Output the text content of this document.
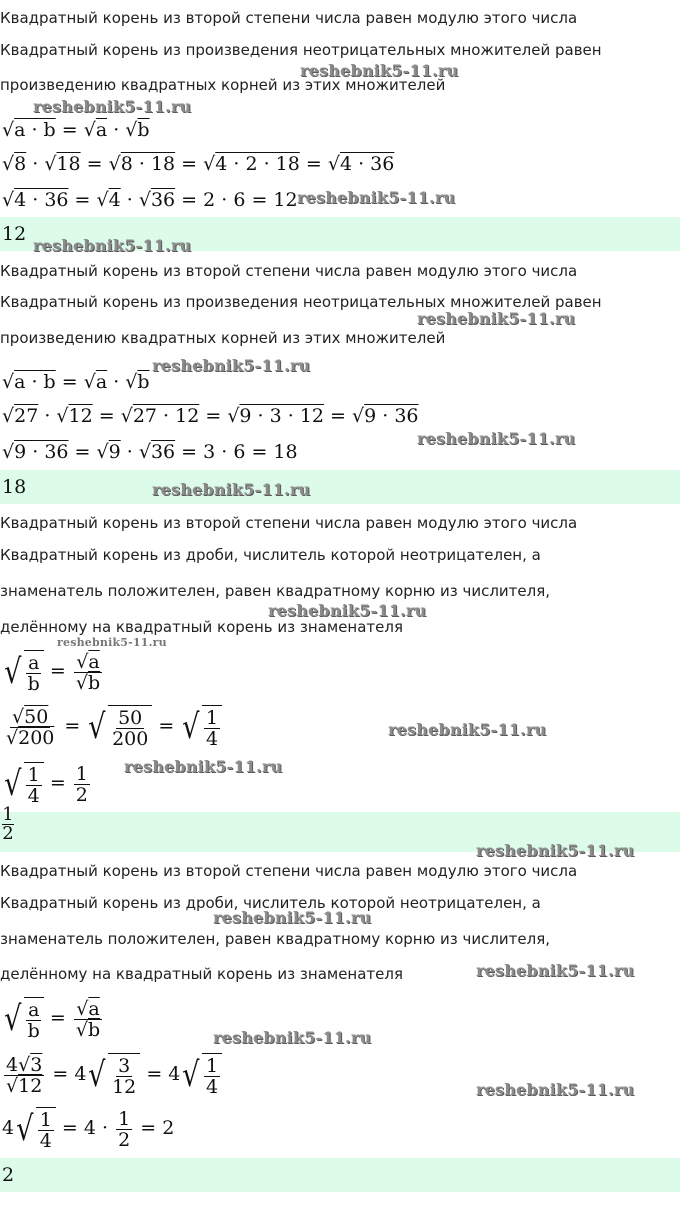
Квадратный корень из второй степени числа равен модулю этого числа
Квадратный корень из произведения неотрицательных множителей равен
произведению квадратных корней из этих множителей
√a · b = √a · √b
√8 · √18 = √8 · 18 = √4 · 2 · 18 = √4 · 36
√4 · 36 = √4 · √36 = 2 · 6 = 12
12
Квадратный корень из второй степени числа равен модулю этого числа
Квадратный корень из произведения неотрицательных множителей равен
произведению квадратных корней из этих множителей
√a · b = √a · √b
√27 · √12 = √27 · 12 = √9 · 3 · 12 = √9 · 36
√9 · 36 = √9 · √36 = 3 · 6 = 18
18
Квадратный корень из второй степени числа равен модулю этого числа
Квадратный корень из дроби, числитель которой неотрицателен, а
знаменатель положителен, равен квадратному корню из числителя,
делённому на квадратный корень из знаменателя
√ $\frac{a}{b} = \frac{√a}{√b}$
$\frac{√50}{√200}$ = √ $\frac{50}{200}$ = √ $\frac{1}{4}$
√ $\frac{1}{4} = \frac{1}{2}$
1
2
Квадратный корень из второй степени числа равен модулю этого числа
Квадратный корень из дроби, числитель которой неотрицателен, а
знаменатель положителен, равен квадратному корню из числителя,
делённому на квадратный корень из знаменателя
√ $\frac{a}{b} = \frac{√a}{√b}$
$\frac{4√3}{√12} = 4$ √ $\frac{3}{12} = 4$ √ $\frac{1}{4}$
4 √ $\frac{1}{4} = 4 \cdot \frac{1}{2} = 2$
2
reshebnik5-11.ru
reshebnik5-11.ru
reshebnik5-11.ru
reshebnik5-11.ru
reshebnik5-11.ru
reshebnik5-11.ru
reshebnik5-11.ru
reshebnik5-11.ru
reshebnik5-11.ru
reshebnik5-11.ru
reshebnik5-11.ru
reshebnik5-11.ru
reshebnik5-11.ru
reshebnik5-11.ru
reshebnik5-11.ru
reshebnik5-11.ru
reshebnik5-11.ru
